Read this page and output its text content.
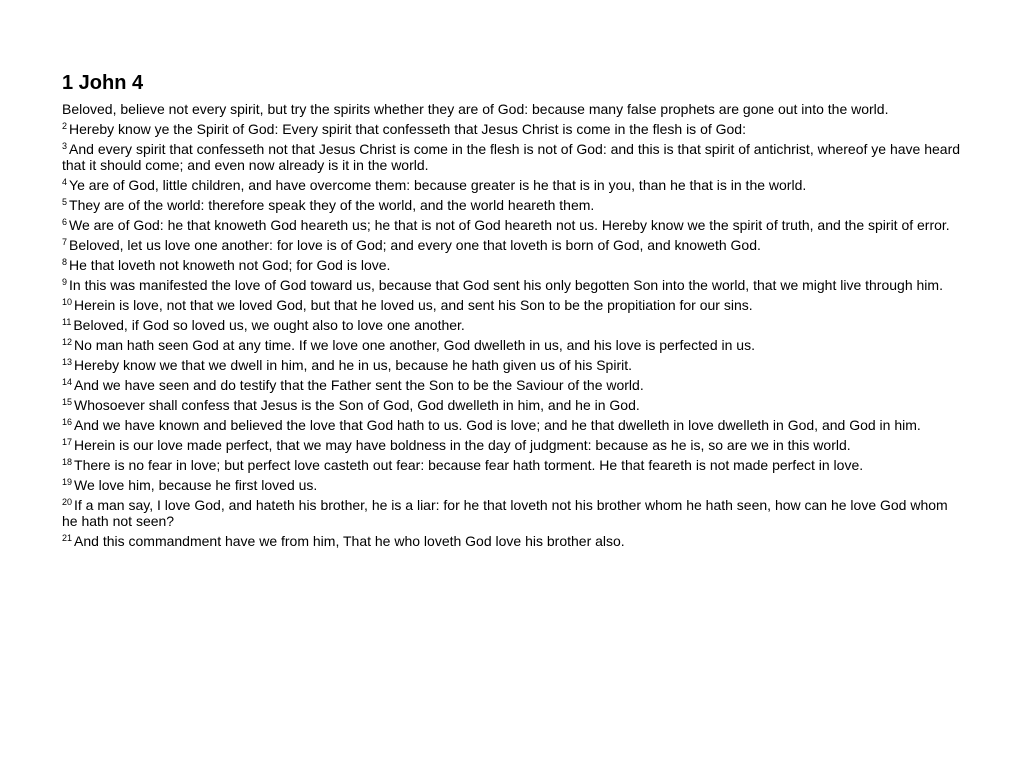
1 John 4

Beloved, believe not every spirit, but try the spirits whether they are of God: because many false prophets are gone out into the world.

$^2$ Hereby know ye the Spirit of God: Every spirit that confesseth that Jesus Christ is come in the flesh is of God:

$^3$ And every spirit that confesseth not that Jesus Christ is come in the flesh is not of God: and this is that spirit of antichrist, whereof ye have heard that it should come; and even now already is it in the world.

$^4$ Ye are of God, little children, and have overcome them: because greater is he that is in you, than he that is in the world.

$^5$ They are of the world: therefore speak they of the world, and the world heareth them.

$^6$ We are of God: he that knoweth God heareth us; he that is not of God heareth not us. Hereby know we the spirit of truth, and the spirit of error.

$^7$ Beloved, let us love one another: for love is of God; and every one that loveth is born of God, and knoweth God.

$^8$ He that loveth not knoweth not God; for God is love.

$^9$ In this was manifested the love of God toward us, because that God sent his only begotten Son into the world, that we might live through him.

$^{10}$ Herein is love, not that we loved God, but that he loved us, and sent his Son to be the propitiation for our sins.

$^{11}$ Beloved, if God so loved us, we ought also to love one another.

$^{12}$ No man hath seen God at any time. If we love one another, God dwelleth in us, and his love is perfected in us.

$^{13}$ Hereby know we that we dwell in him, and he in us, because he hath given us of his Spirit.

$^{14}$ And we have seen and do testify that the Father sent the Son to be the Saviour of the world.

$^{15}$ Whosoever shall confess that Jesus is the Son of God, God dwelleth in him, and he in God.

$^{16}$ And we have known and believed the love that God hath to us. God is love; and he that dwelleth in love dwelleth in God, and God in him.

$^{17}$ Herein is our love made perfect, that we may have boldness in the day of judgment: because as he is, so are we in this world.

$^{18}$ There is no fear in love; but perfect love casteth out fear: because fear hath torment. He that feareth is not made perfect in love.

$^{19}$ We love him, because he first loved us.

$^{20}$ If a man say, I love God, and hateth his brother, he is a liar: for he that loveth not his brother whom he hath seen, how can he love God whom he hath not seen?

$^{21}$ And this commandment have we from him, That he who loveth God love his brother also.
